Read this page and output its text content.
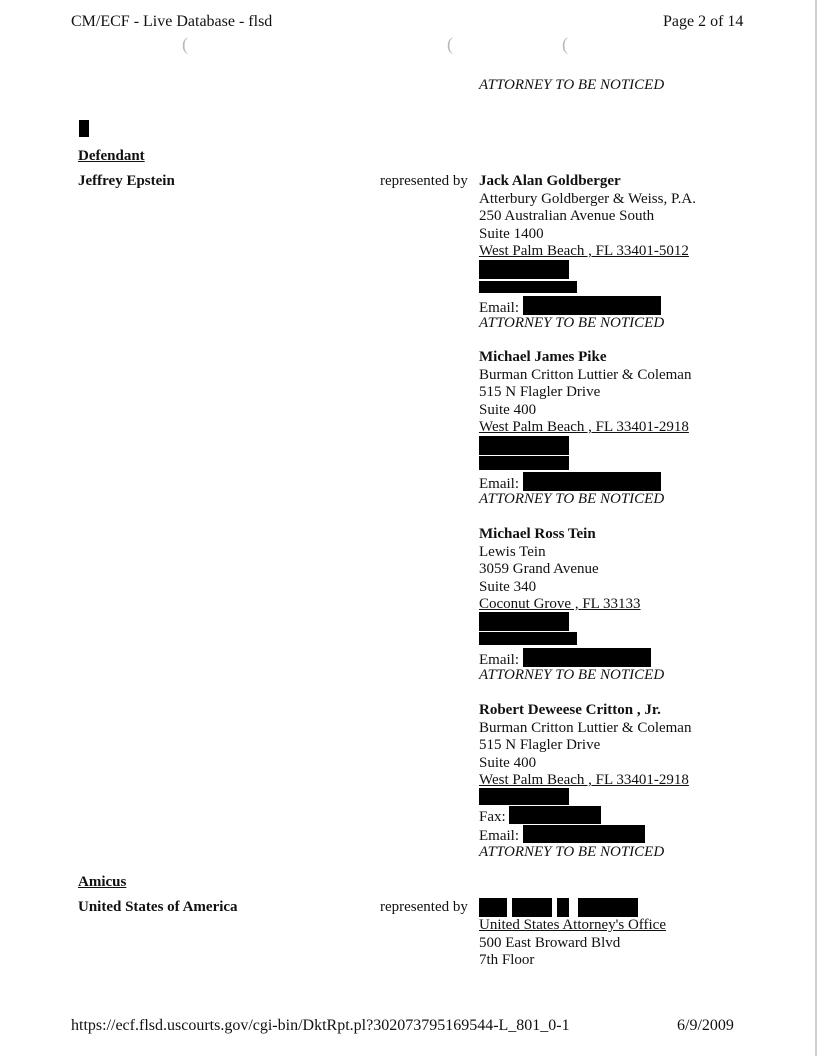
CM/ECF - Live Database - flsd	Page 2 of 14
(	(	(
ATTORNEY TO BE NOTICED
Defendant
Jeffrey Epstein	represented by Jack Alan Goldberger
Atterbury Goldberger & Weiss, P.A.
250 Australian Avenue South
Suite 1400
West Palm Beach , FL 33401-5012
Email:
ATTORNEY TO BE NOTICED
Michael James Pike
Burman Critton Luttier & Coleman
515 N Flagler Drive
Suite 400
West Palm Beach , FL 33401-2918
Email:
ATTORNEY TO BE NOTICED
Michael Ross Tein
Lewis Tein
3059 Grand Avenue
Suite 340
Coconut Grove , FL 33133
Email:
ATTORNEY TO BE NOTICED
Robert Deweese Critton , Jr.
Burman Critton Luttier & Coleman
515 N Flagler Drive
Suite 400
West Palm Beach , FL 33401-2918
Fax:
Email:
ATTORNEY TO BE NOTICED
Amicus
United States of America	represented by
United States Attorney's Office
500 East Broward Blvd
7th Floor
https://ecf.flsd.uscourts.gov/cgi-bin/DktRpt.pl?302073795169544-L_801_0-1	6/9/2009
